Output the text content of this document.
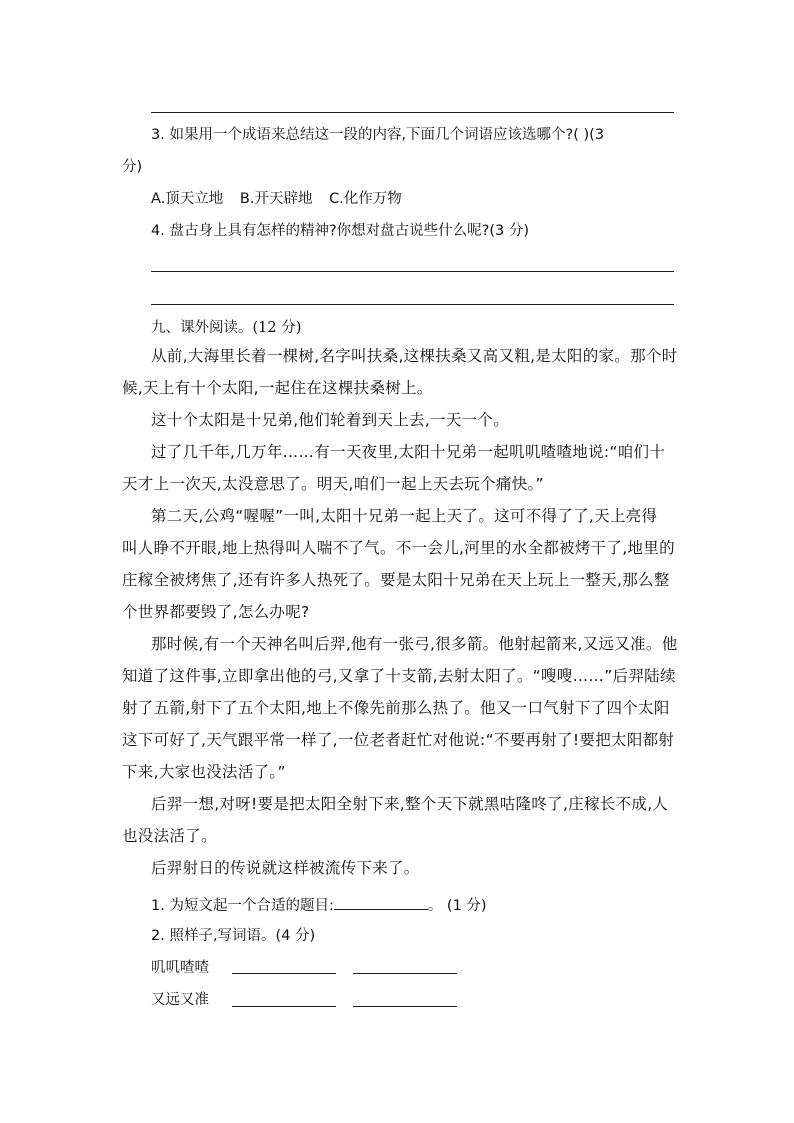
3. 如果用一个成语来总结这一段的内容,下面几个词语应该选哪个?( )(3
分)
A.顶天立地 B.开天辟地 C.化作万物
4. 盘古身上具有怎样的精神?你想对盘古说些什么呢?(3 分)
九、课外阅读。(12 分)
从前,大海里长着一棵树,名字叫扶桑,这棵扶桑又高又粗,是太阳的家。那个时
候,天上有十个太阳,一起住在这棵扶桑树上。
这十个太阳是十兄弟,他们轮着到天上去,一天一个。
过了几千年,几万年……有一天夜里,太阳十兄弟一起叽叽喳喳地说:“咱们十
天才上一次天,太没意思了。明天,咱们一起上天去玩个痛快。”
第二天,公鸡“喔喔”一叫,太阳十兄弟一起上天了。这可不得了了,天上亮得
叫人睁不开眼,地上热得叫人喘不了气。不一会儿,河里的水全都被烤干了,地里的
庄稼全被烤焦了,还有许多人热死了。要是太阳十兄弟在天上玩上一整天,那么整
个世界都要毁了,怎么办呢?
那时候,有一个天神名叫后羿,他有一张弓,很多箭。他射起箭来,又远又准。他
知道了这件事,立即拿出他的弓,又拿了十支箭,去射太阳了。“嗖嗖……”后羿陆续
射了五箭,射下了五个太阳,地上不像先前那么热了。他又一口气射下了四个太阳
这下可好了,天气跟平常一样了,一位老者赶忙对他说:“不要再射了!要把太阳都射
下来,大家也没法活了。”
后羿一想,对呀!要是把太阳全射下来,整个天下就黑咕隆咚了,庄稼长不成,人
也没法活了。
后羿射日的传说就这样被流传下来了。
1. 为短文起一个合适的题目:	。 (1 分)
2. 照样子,写词语。(4 分)
叽叽喳喳
又远又准
